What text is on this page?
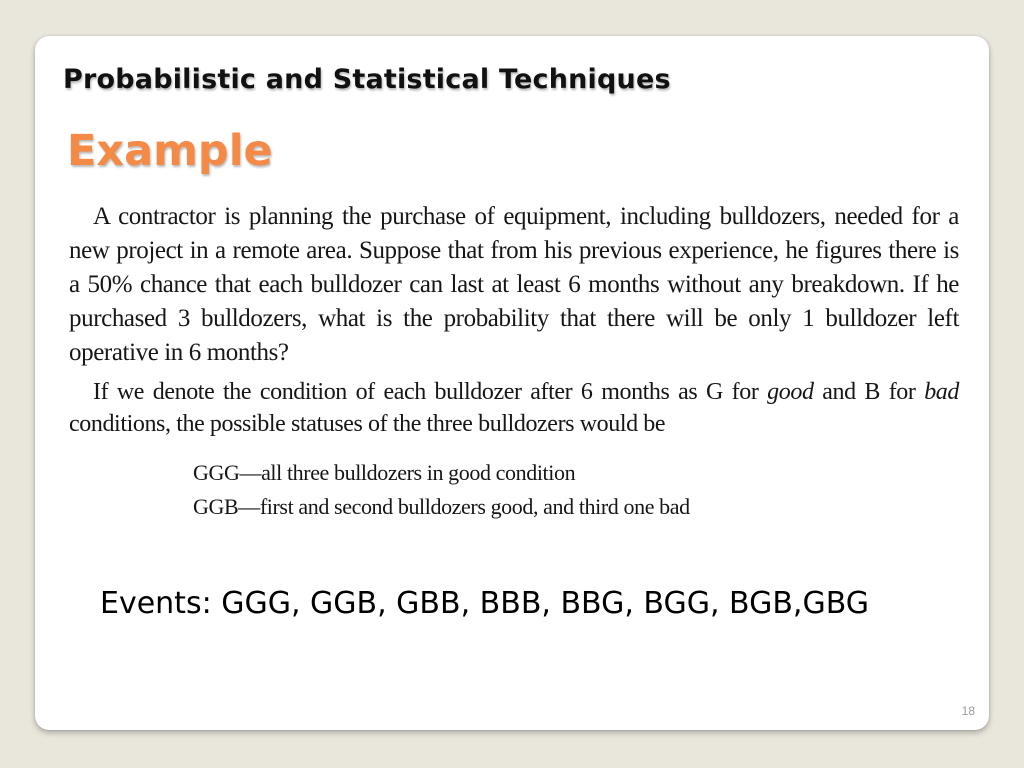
Probabilistic and Statistical Techniques
Example

A contractor is planning the purchase of equipment, including bulldozers, needed for a new project in a remote area. Suppose that from his previous experience, he figures there is a 50% chance that each bulldozer can last at least 6 months without any breakdown. If he purchased 3 bulldozers, what is the probability that there will be only 1 bulldozer left operative in 6 months?

If we denote the condition of each bulldozer after 6 months as G for good and B for bad conditions, the possible statuses of the three bulldozers would be

GGG—all three bulldozers in good condition
GGB—first and second bulldozers good, and third one bad

Events: GGG, GGB, GBB, BBB, BBG, BGG, BGB,GBG

18
